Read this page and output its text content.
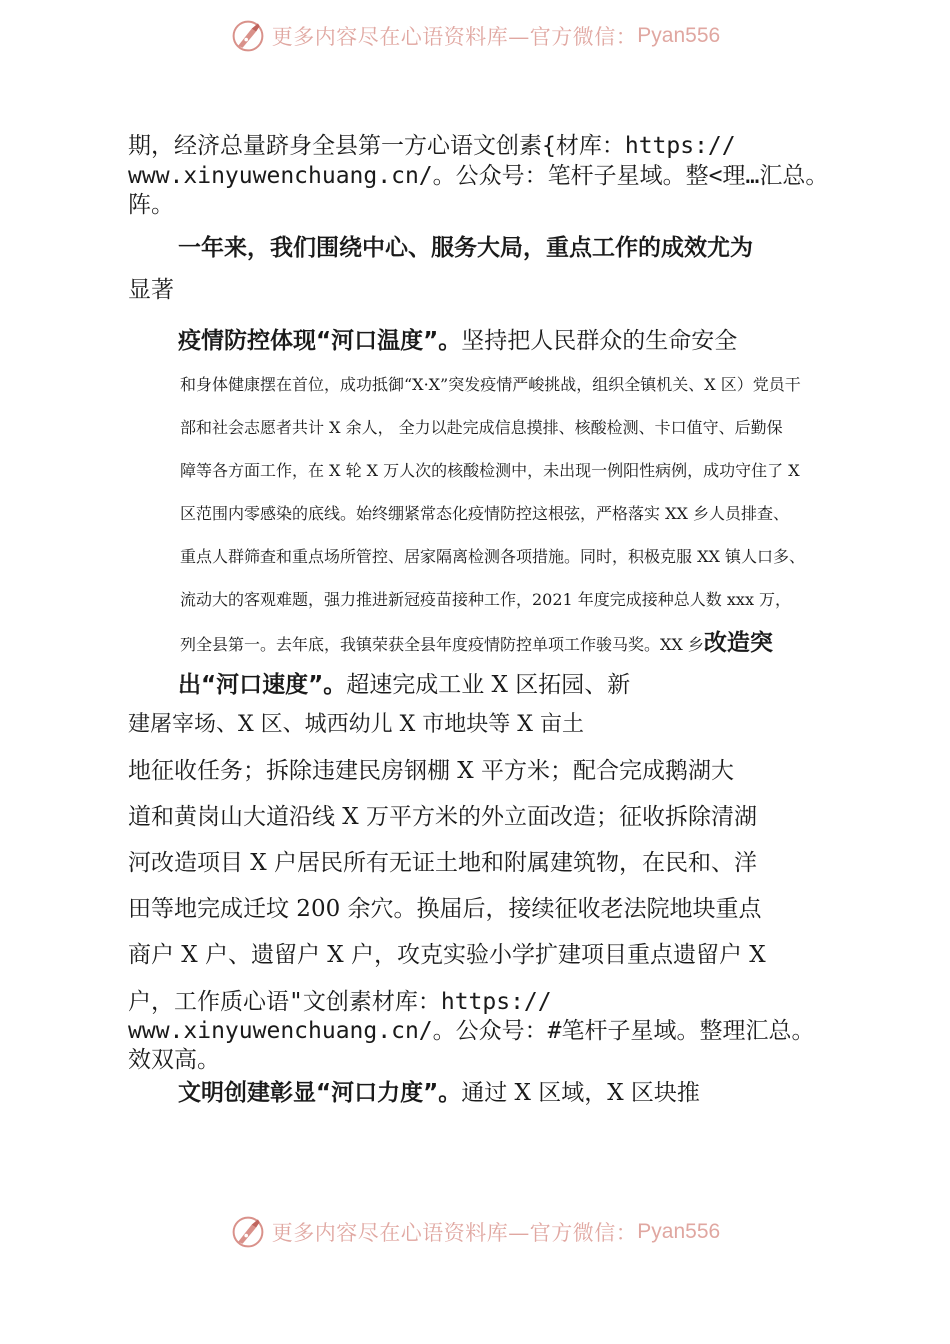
更多内容尽在心语资料库—官方微信： Pyan556

期，经济总量跻身全县第一方心语文创素{材库：https://

www.xinyuwenchuang.cn/。公众号：笔杆子星域。整<理…汇总。

阵。

一年来，我们围绕中心、服务大局，重点工作的成效尤为

显著

疫情防控体现“河口温度”。坚持把人民群众的生命安全

和身体健康摆在首位，成功抵御“X·X”突发疫情严峻挑战，组织全镇机关、X 区）党员干

部和社会志愿者共计 X 余人， 全力以赴完成信息摸排、核酸检测、卡口值守、后勤保

障等各方面工作，在 X 轮 X 万人次的核酸检测中，未出现一例阳性病例，成功守住了 X

区范围内零感染的底线。始终绷紧常态化疫情防控这根弦，严格落实 XX 乡人员排查、

重点人群筛查和重点场所管控、居家隔离检测各项措施。同时，积极克服 XX 镇人口多、

流动大的客观难题，强力推进新冠疫苗接种工作，2021 年度完成接种总人数 xxx 万，

列全县第一。去年底，我镇荣获全县年度疫情防控单项工作骏马奖。XX 乡改造突

出“河口速度”。超速完成工业 X 区拓园、新

建屠宰场、X 区、城西幼儿 X 市地块等 X 亩土

地征收任务；拆除违建民房钢棚 X 平方米；配合完成鹅湖大

道和黄岗山大道沿线 X 万平方米的外立面改造；征收拆除清湖

河改造项目 X 户居民所有无证土地和附属建筑物，在民和、洋

田等地完成迁坟 200 余穴。换届后，接续征收老法院地块重点

商户 X 户、遗留户 X 户，攻克实验小学扩建项目重点遗留户 X

户，工作质心语"文创素材库：https://

www.xinyuwenchuang.cn/。公众号：#笔杆子星域。整理汇总。

效双高。

文明创建彰显“河口力度”。通过 X 区域，X 区块推

更多内容尽在心语资料库—官方微信： Pyan556
